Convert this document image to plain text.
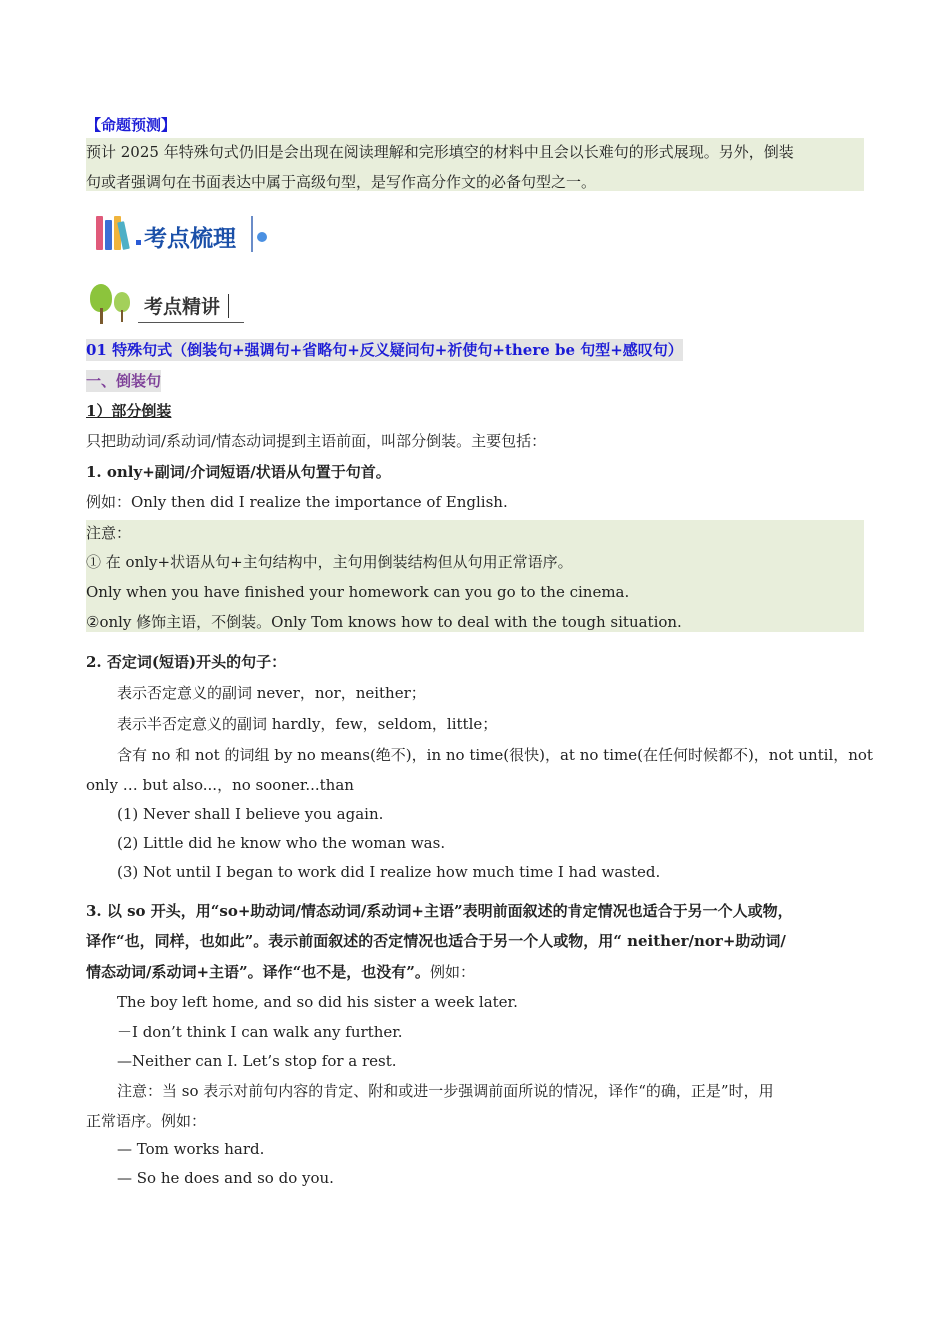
【命题预测】
预计 2025 年特殊句式仍旧是会出现在阅读理解和完形填空的材料中且会以长难句的形式展现。另外，倒装
句或者强调句在书面表达中属于高级句型，是写作高分作文的必备句型之一。
考点梳理
考点精讲
01 特殊句式（倒装句+强调句+省略句+反义疑问句+祈使句+there be 句型+感叹句）
一、倒装句
1）部分倒装
只把助动词/系动词/情态动词提到主语前面，叫部分倒装。主要包括：
1. only+副词/介词短语/状语从句置于句首。
例如：Only then did I realize the importance of English.
注意：
① 在 only+状语从句+主句结构中，主句用倒装结构但从句用正常语序。
Only when you have finished your homework can you go to the cinema.
②only 修饰主语，不倒装。Only Tom knows how to deal with the tough situation.
2. 否定词(短语)开头的句子：
表示否定意义的副词 never，nor，neither；
表示半否定意义的副词 hardly，few，seldom，little；
含有 no 和 not 的词组 by no means(绝不)，in no time(很快)，at no time(在任何时候都不)，not until，not
only … but also...，no sooner...than
(1) Never shall I believe you again.
(2) Little did he know who the woman was.
(3) Not until I began to work did I realize how much time I had wasted.
3. 以 so 开头，用“so+助动词/情态动词/系动词+主语”表明前面叙述的肯定情况也适合于另一个人或物，
译作“也，同样，也如此”。表示前面叙述的否定情况也适合于另一个人或物，用“ neither/nor+助动词/
情态动词/系动词+主语”。译作“也不是，也没有”。例如：
The boy left home, and so did his sister a week later.
－I don’t think I can walk any further.
—Neither can I. Let’s stop for a rest.
注意：当 so 表示对前句内容的肯定、附和或进一步强调前面所说的情况，译作“的确，正是”时，用
正常语序。例如：
— Tom works hard.
— So he does and so do you.
